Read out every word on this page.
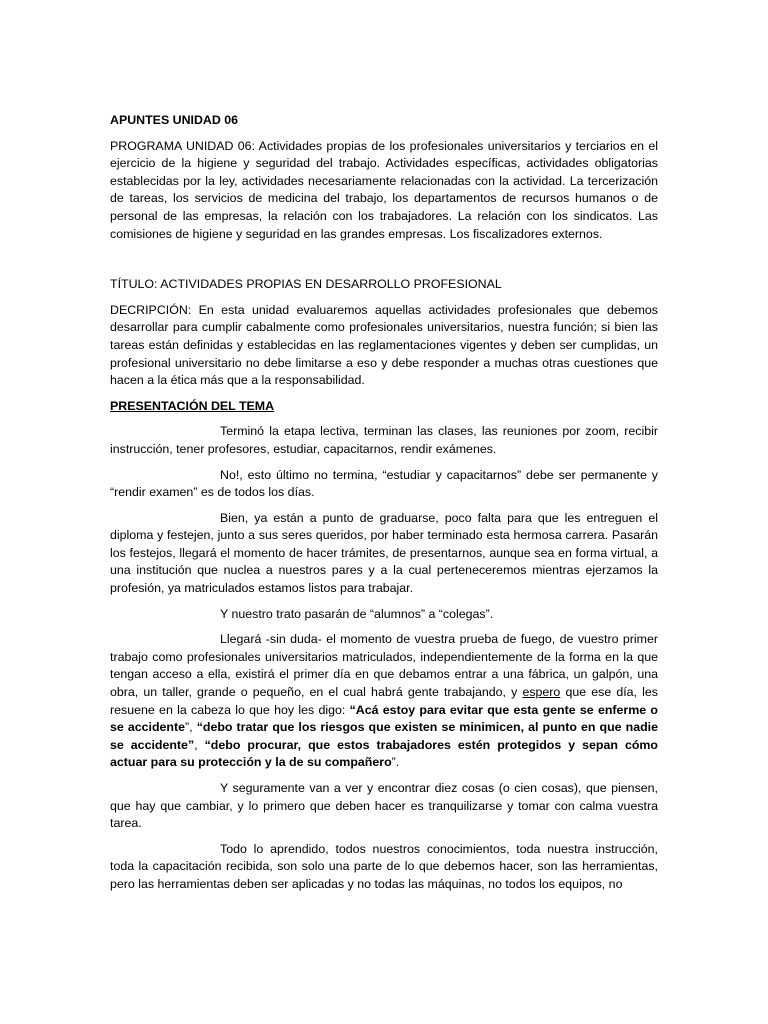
APUNTES UNIDAD 06

PROGRAMA UNIDAD 06: Actividades propias de los profesionales universitarios y terciarios en el ejercicio de la higiene y seguridad del trabajo. Actividades específicas, actividades obligatorias establecidas por la ley, actividades necesariamente relacionadas con la actividad. La tercerización de tareas, los servicios de medicina del trabajo, los departamentos de recursos humanos o de personal de las empresas, la relación con los trabajadores. La relación con los sindicatos. Las comisiones de higiene y seguridad en las grandes empresas. Los fiscalizadores externos.

TÍTULO: ACTIVIDADES PROPIAS EN DESARROLLO PROFESIONAL

DECRIPCIÓN: En esta unidad evaluaremos aquellas actividades profesionales que debemos desarrollar para cumplir cabalmente como profesionales universitarios, nuestra función; si bien las tareas están definidas y establecidas en las reglamentaciones vigentes y deben ser cumplidas, un profesional universitario no debe limitarse a eso y debe responder a muchas otras cuestiones que hacen a la ética más que a la responsabilidad.

PRESENTACIÓN DEL TEMA

Terminó la etapa lectiva, terminan las clases, las reuniones por zoom, recibir instrucción, tener profesores, estudiar, capacitarnos, rendir exámenes.

No!, esto último no termina, “estudiar y capacitarnos” debe ser permanente y “rendir examen” es de todos los días.

Bien, ya están a punto de graduarse, poco falta para que les entreguen el diploma y festejen, junto a sus seres queridos, por haber terminado esta hermosa carrera. Pasarán los festejos, llegará el momento de hacer trámites, de presentarnos, aunque sea en forma virtual, a una institución que nuclea a nuestros pares y a la cual perteneceremos mientras ejerzamos la profesión, ya matriculados estamos listos para trabajar.

Y nuestro trato pasarán de “alumnos” a “colegas”.

Llegará -sin duda- el momento de vuestra prueba de fuego, de vuestro primer trabajo como profesionales universitarios matriculados, independientemente de la forma en la que tengan acceso a ella, existirá el primer día en que debamos entrar a una fábrica, un galpón, una obra, un taller, grande o pequeño, en el cual habrá gente trabajando, y espero que ese día, les resuene en la cabeza lo que hoy les digo: “Acá estoy para evitar que esta gente se enferme o se accidente”, “debo tratar que los riesgos que existen se minimicen, al punto en que nadie se accidente”, “debo procurar, que estos trabajadores estén protegidos y sepan cómo actuar para su protección y la de su compañero”.

Y seguramente van a ver y encontrar diez cosas (o cien cosas), que piensen, que hay que cambiar, y lo primero que deben hacer es tranquilizarse y tomar con calma vuestra tarea.

Todo lo aprendido, todos nuestros conocimientos, toda nuestra instrucción, toda la capacitación recibida, son solo una parte de lo que debemos hacer, son las herramientas, pero las herramientas deben ser aplicadas y no todas las máquinas, no todos los equipos, no
